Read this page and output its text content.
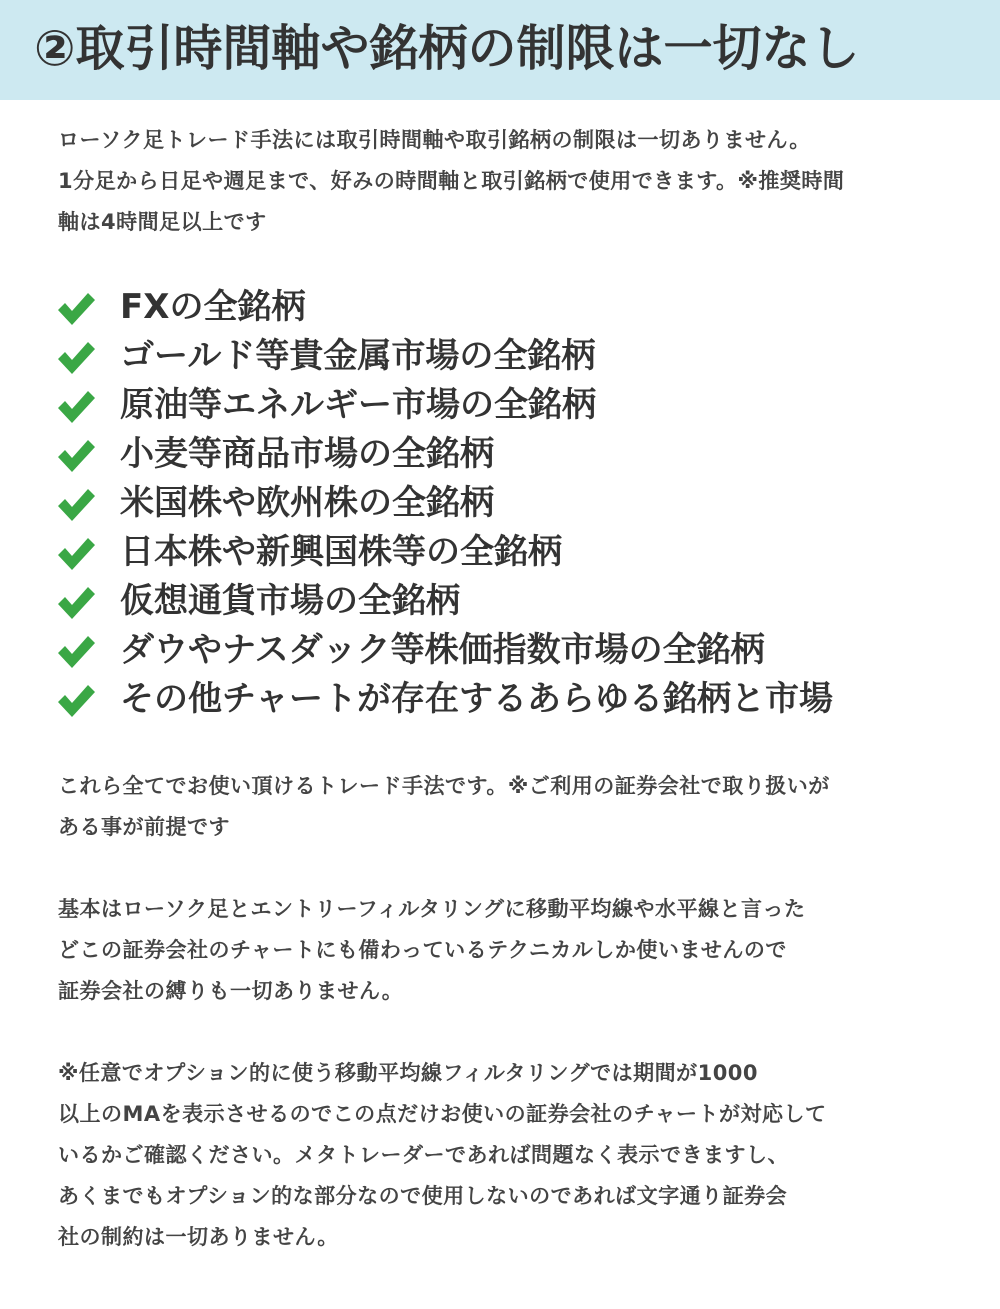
②取引時間軸や銘柄の制限は一切なし
ローソク足トレード手法には取引時間軸や取引銘柄の制限は一切ありません。
1分足から日足や週足まで、好みの時間軸と取引銘柄で使用できます。※推奨時間
軸は4時間足以上です
FXの全銘柄
ゴールド等貴金属市場の全銘柄
原油等エネルギー市場の全銘柄
小麦等商品市場の全銘柄
米国株や欧州株の全銘柄
日本株や新興国株等の全銘柄
仮想通貨市場の全銘柄
ダウやナスダック等株価指数市場の全銘柄
その他チャートが存在するあらゆる銘柄と市場
これら全てでお使い頂けるトレード手法です。※ご利用の証券会社で取り扱いが
ある事が前提です
基本はローソク足とエントリーフィルタリングに移動平均線や水平線と言った
どこの証券会社のチャートにも備わっているテクニカルしか使いませんので
証券会社の縛りも一切ありません。
※任意でオプション的に使う移動平均線フィルタリングでは期間が1000
以上のMAを表示させるのでこの点だけお使いの証券会社のチャートが対応して
いるかご確認ください。メタトレーダーであれば問題なく表示できますし、
あくまでもオプション的な部分なので使用しないのであれば文字通り証券会
社の制約は一切ありません。
